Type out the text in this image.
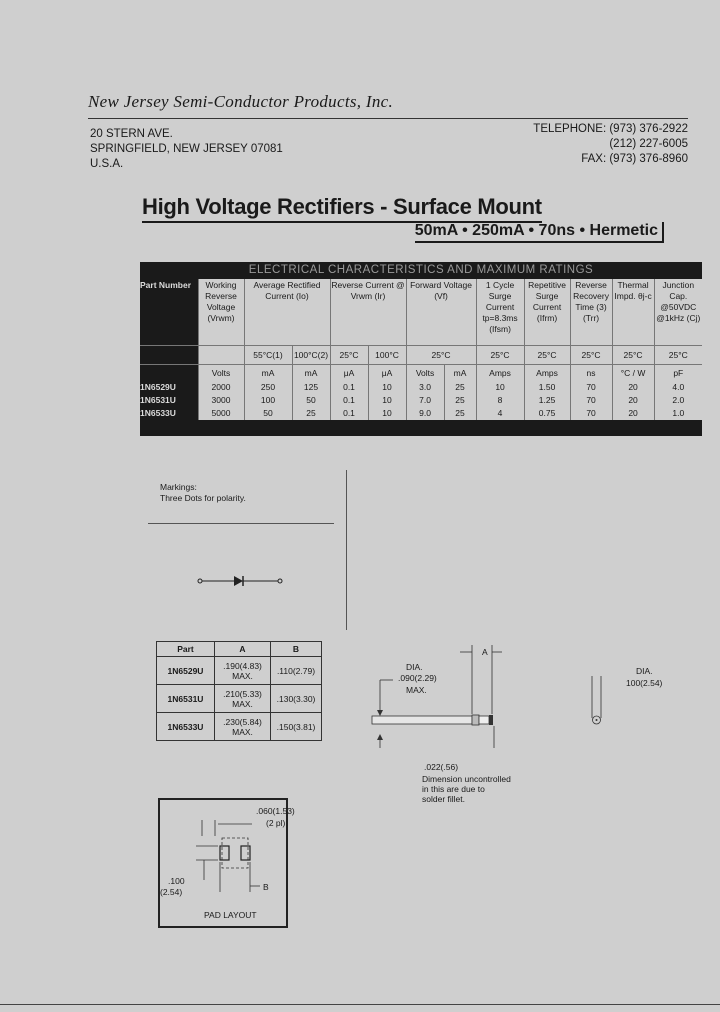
New Jersey Semi-Conductor Products, Inc.
20 STERN AVE.
SPRINGFIELD, NEW JERSEY 07081
U.S.A.
TELEPHONE: (973) 376-2922
(212) 227-6005
FAX: (973) 376-8960
High Voltage Rectifiers - Surface Mount
50mA • 250mA • 70ns • Hermetic
ELECTRICAL CHARACTERISTICS AND MAXIMUM RATINGS
Part Number	Working Reverse Voltage (Vrwm)	Average Rectified Current (Io)		Reverse Current @ Vrwm (Ir)		Forward Voltage (Vf)		1 Cycle Surge Current tp=8.3ms (Ifsm)	Repetitive Surge Current (Ifrm)	Reverse Recovery Time (3) (Trr)	Thermal Impd. θj-c	Junction Cap. @50VDC @1kHz (Cj)
		55°C(1)	100°C(2)	25°C	100°C	25°C		25°C	25°C	25°C	25°C	25°C
	Volts	mA	mA	μA	μA	Volts	mA	Amps	Amps	ns	°C / W	pF
1N6529U	2000	250	125	0.1	10	3.0	25	10	1.50	70	20	4.0
1N6531U	3000	100	50	0.1	10	7.0	25	8	1.25	70	20	2.0
1N6533U	5000	50	25	0.1	10	9.0	25	4	0.75	70	20	1.0
Markings:
Three Dots for polarity.
Part	A	B
1N6529U	.190(4.83) MAX.	.110(2.79)
1N6531U	.210(5.33) MAX.	.130(3.30)
1N6533U	.230(5.84) MAX.	.150(3.81)
DIA.
.090(2.29)
MAX.
A
.022(.56)
Dimension uncontrolled
in this are due to
solder fillet.
DIA.
100(2.54)
.060(1.53)
(2 pl)
.100
(2.54)	B
PAD LAYOUT
